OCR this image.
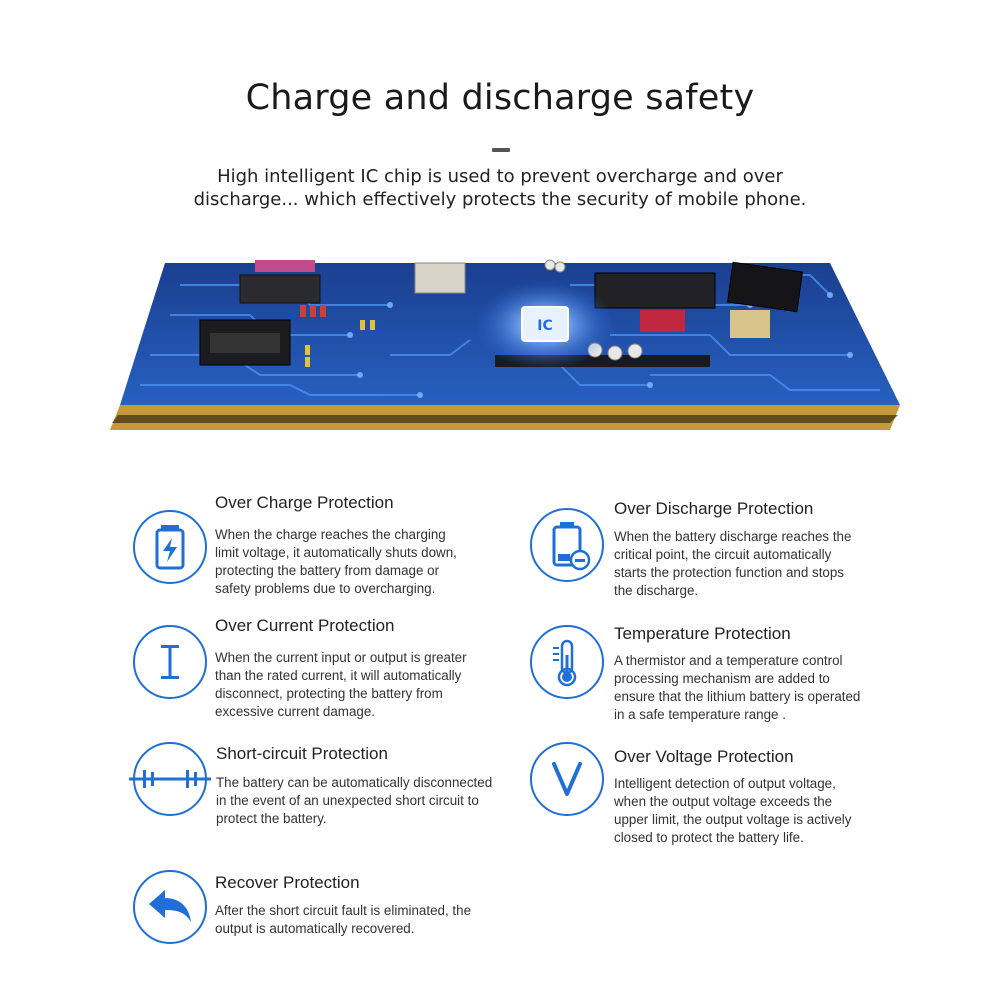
Charge and discharge safety
High intelligent IC chip is used to prevent overcharge and over
discharge... which effectively protects the security of mobile phone.
IC
Over Charge Protection
When the charge reaches the charging
limit voltage, it automatically shuts down,
protecting the battery from damage or
safety problems due to overcharging.
Over Discharge Protection
When the battery discharge reaches the
critical point, the circuit automatically
starts the protection function and stops
the discharge.
Over Current Protection
When the current input or output is greater
than the rated current, it will automatically
disconnect, protecting the battery from
excessive current damage.
Temperature Protection
A thermistor and a temperature control
processing mechanism are added to
ensure that the lithium battery is operated
in a safe temperature range .
Short-circuit Protection
The battery can be automatically disconnected
in the event of an unexpected short circuit to
protect the battery.
Over Voltage Protection
Intelligent detection of output voltage,
when the output voltage exceeds the
upper limit, the output voltage is actively
closed to protect the battery life.
Recover Protection
After the short circuit fault is eliminated, the
output is automatically recovered.
